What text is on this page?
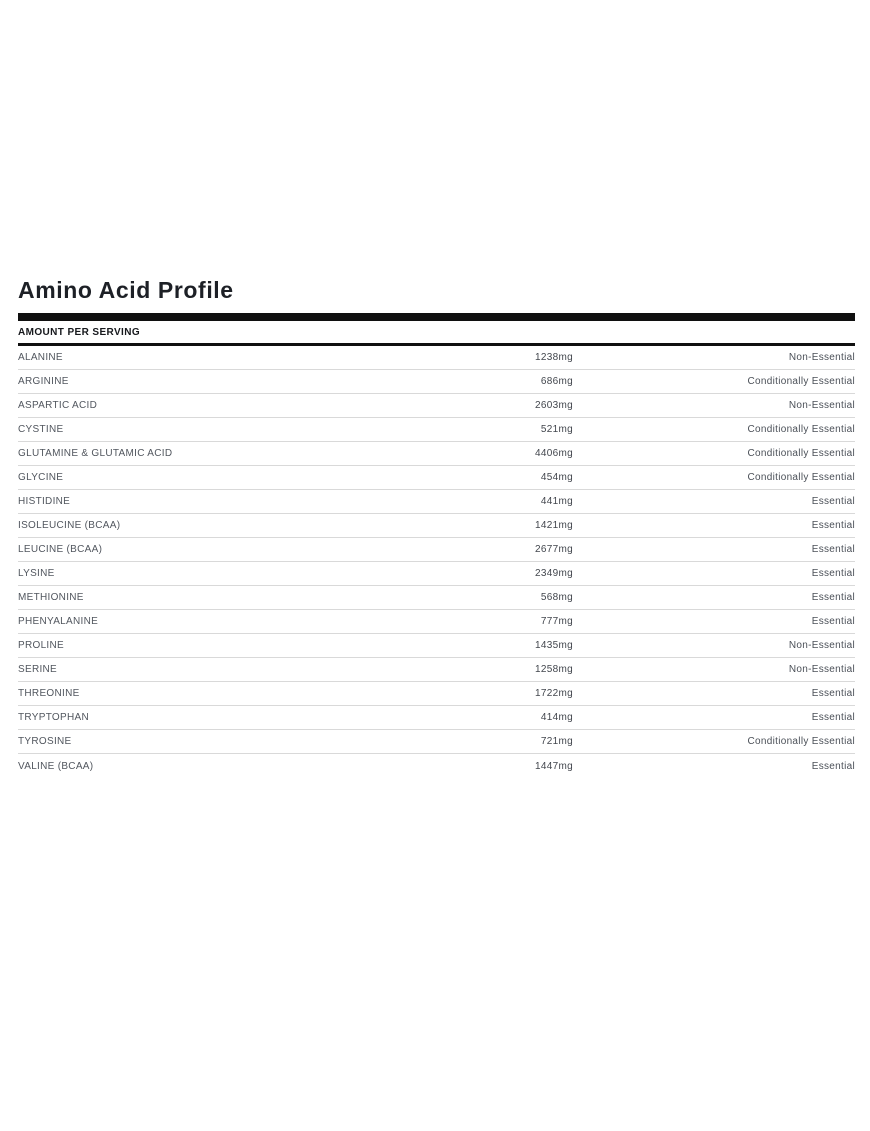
Amino Acid Profile
AMOUNT PER SERVING
ALANINE	1238mg	Non-Essential
ARGININE	686mg	Conditionally Essential
ASPARTIC ACID	2603mg	Non-Essential
CYSTINE	521mg	Conditionally Essential
GLUTAMINE & GLUTAMIC ACID	4406mg	Conditionally Essential
GLYCINE	454mg	Conditionally Essential
HISTIDINE	441mg	Essential
ISOLEUCINE (BCAA)	1421mg	Essential
LEUCINE (BCAA)	2677mg	Essential
LYSINE	2349mg	Essential
METHIONINE	568mg	Essential
PHENYALANINE	777mg	Essential
PROLINE	1435mg	Non-Essential
SERINE	1258mg	Non-Essential
THREONINE	1722mg	Essential
TRYPTOPHAN	414mg	Essential
TYROSINE	721mg	Conditionally Essential
VALINE (BCAA)	1447mg	Essential
